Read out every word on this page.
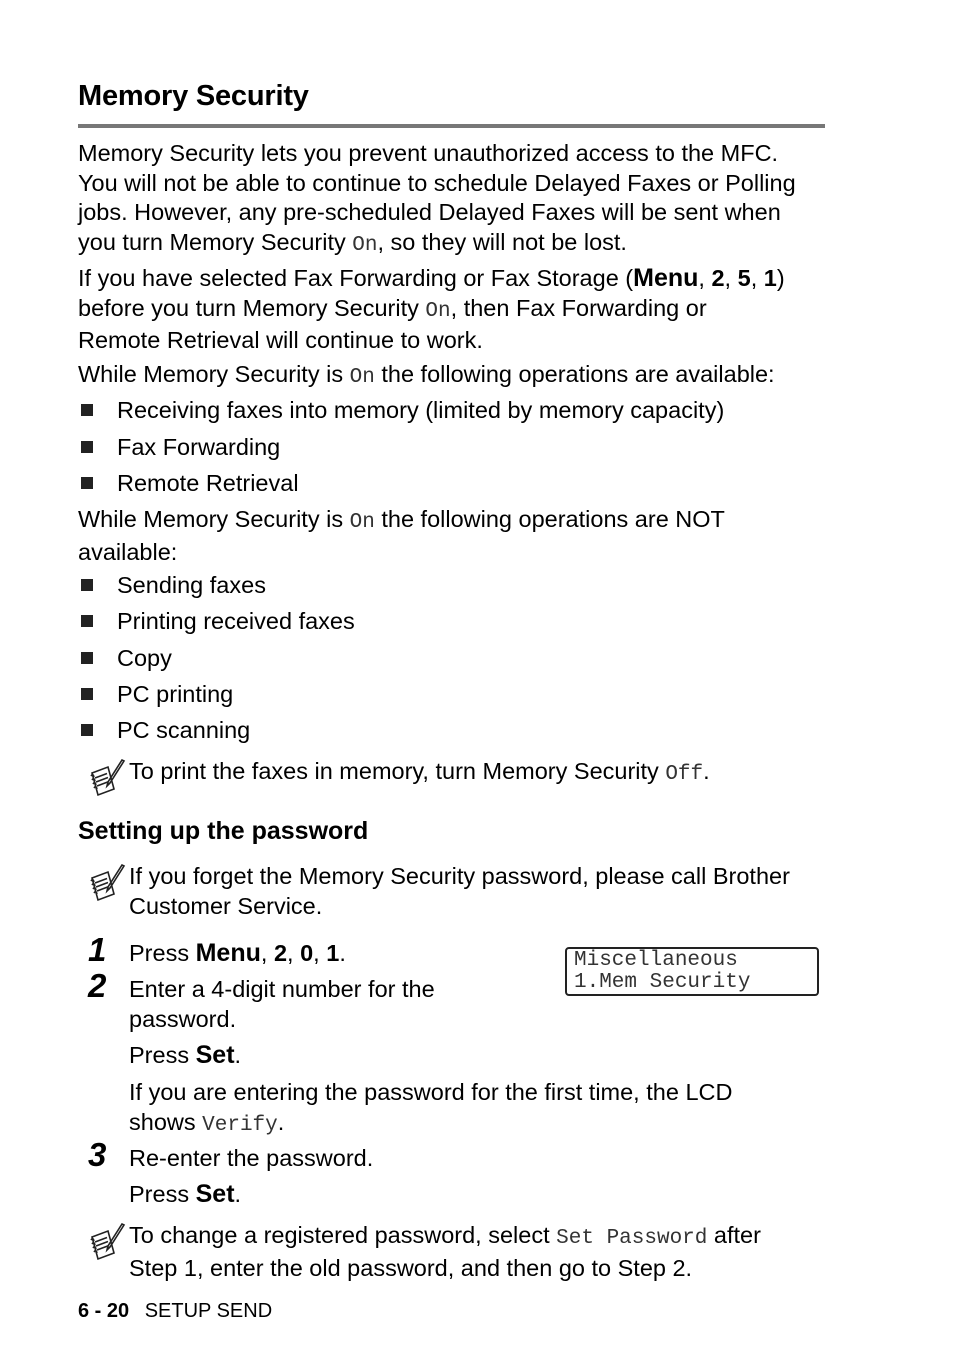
Memory Security

Memory Security lets you prevent unauthorized access to the MFC.
You will not be able to continue to schedule Delayed Faxes or Polling
jobs. However, any pre-scheduled Delayed Faxes will be sent when
you turn Memory Security On, so they will not be lost.

If you have selected Fax Forwarding or Fax Storage (Menu, 2, 5, 1)
before you turn Memory Security On, then Fax Forwarding or
Remote Retrieval will continue to work.

While Memory Security is On the following operations are available:

Receiving faxes into memory (limited by memory capacity)
Fax Forwarding
Remote Retrieval

While Memory Security is On the following operations are NOT
available:

Sending faxes
Printing received faxes
Copy
PC printing
PC scanning
To print the faxes in memory, turn Memory Security Off.
Setting up the password
If you forget the Memory Security password, please call Brother
Customer Service.
1 Press Menu, 2, 0, 1.	Miscellaneous
1.Mem Security
2 Enter a 4-digit number for the
password.
Press Set.
If you are entering the password for the first time, the LCD
shows Verify.
3 Re-enter the password.
Press Set.
To change a registered password, select Set Password after
Step 1, enter the old password, and then go to Step 2.
6 - 20 SETUP SEND
